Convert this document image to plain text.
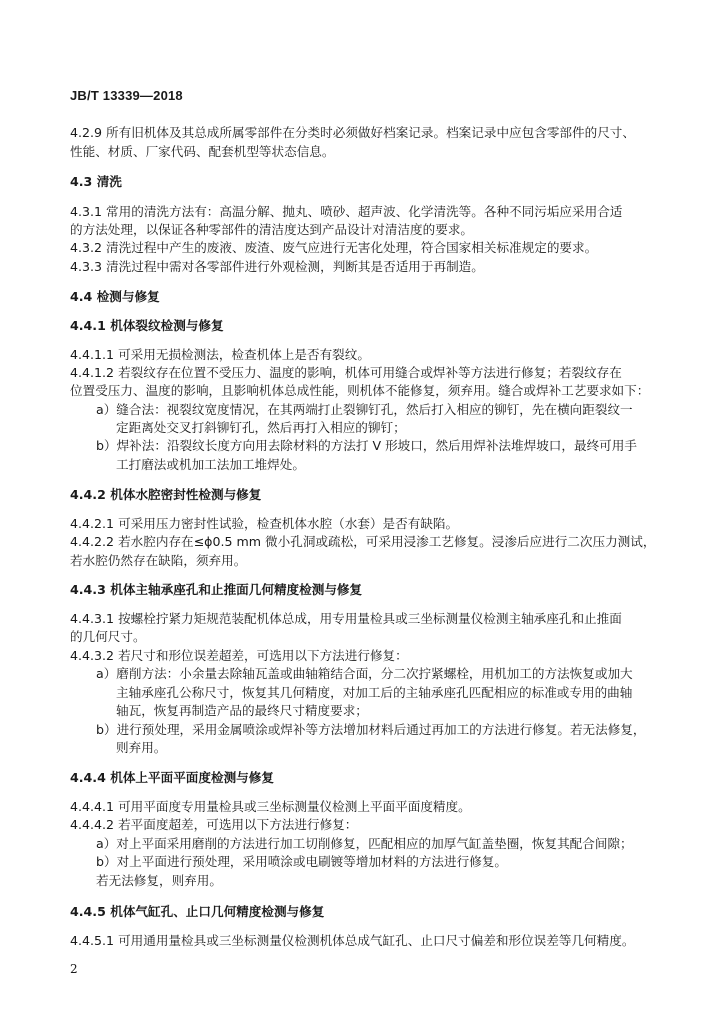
JB/T 13339—2018
4.2.9 所有旧机体及其总成所属零部件在分类时必须做好档案记录。档案记录中应包含零部件的尺寸、
性能、材质、厂家代码、配套机型等状态信息。
4.3 清洗
4.3.1 常用的清洗方法有：高温分解、抛丸、喷砂、超声波、化学清洗等。各种不同污垢应采用合适
的方法处理，以保证各种零部件的清洁度达到产品设计对清洁度的要求。
4.3.2 清洗过程中产生的废液、废渣、废气应进行无害化处理，符合国家相关标准规定的要求。
4.3.3 清洗过程中需对各零部件进行外观检测，判断其是否适用于再制造。
4.4 检测与修复
4.4.1 机体裂纹检测与修复
4.4.1.1 可采用无损检测法，检查机体上是否有裂纹。
4.4.1.2 若裂纹存在位置不受压力、温度的影响，机体可用缝合或焊补等方法进行修复；若裂纹存在
位置受压力、温度的影响，且影响机体总成性能，则机体不能修复，须弃用。缝合或焊补工艺要求如下：
a）缝合法：视裂纹宽度情况，在其两端打止裂铆钉孔，然后打入相应的铆钉，先在横向距裂纹一
定距离处交叉打斜铆钉孔，然后再打入相应的铆钉；
b）焊补法：沿裂纹长度方向用去除材料的方法打 V 形坡口，然后用焊补法堆焊坡口，最终可用手
工打磨法或机加工法加工堆焊处。
4.4.2 机体水腔密封性检测与修复
4.4.2.1 可采用压力密封性试验，检查机体水腔（水套）是否有缺陷。
4.4.2.2 若水腔内存在≤ϕ0.5 mm 微小孔洞或疏松，可采用浸渗工艺修复。浸渗后应进行二次压力测试，
若水腔仍然存在缺陷，须弃用。
4.4.3 机体主轴承座孔和止推面几何精度检测与修复
4.4.3.1 按螺栓拧紧力矩规范装配机体总成，用专用量检具或三坐标测量仪检测主轴承座孔和止推面
的几何尺寸。
4.4.3.2 若尺寸和形位误差超差，可选用以下方法进行修复：
a）磨削方法：小余量去除轴瓦盖或曲轴箱结合面，分二次拧紧螺栓，用机加工的方法恢复或加大
主轴承座孔公称尺寸，恢复其几何精度，对加工后的主轴承座孔匹配相应的标准或专用的曲轴
轴瓦，恢复再制造产品的最终尺寸精度要求；
b）进行预处理，采用金属喷涂或焊补等方法增加材料后通过再加工的方法进行修复。若无法修复，
则弃用。
4.4.4 机体上平面平面度检测与修复
4.4.4.1 可用平面度专用量检具或三坐标测量仪检测上平面平面度精度。
4.4.4.2 若平面度超差，可选用以下方法进行修复：
a）对上平面采用磨削的方法进行加工切削修复，匹配相应的加厚气缸盖垫圈，恢复其配合间隙；
b）对上平面进行预处理，采用喷涂或电刷镀等增加材料的方法进行修复。
若无法修复，则弃用。
4.4.5 机体气缸孔、止口几何精度检测与修复
4.4.5.1 可用通用量检具或三坐标测量仪检测机体总成气缸孔、止口尺寸偏差和形位误差等几何精度。
2
